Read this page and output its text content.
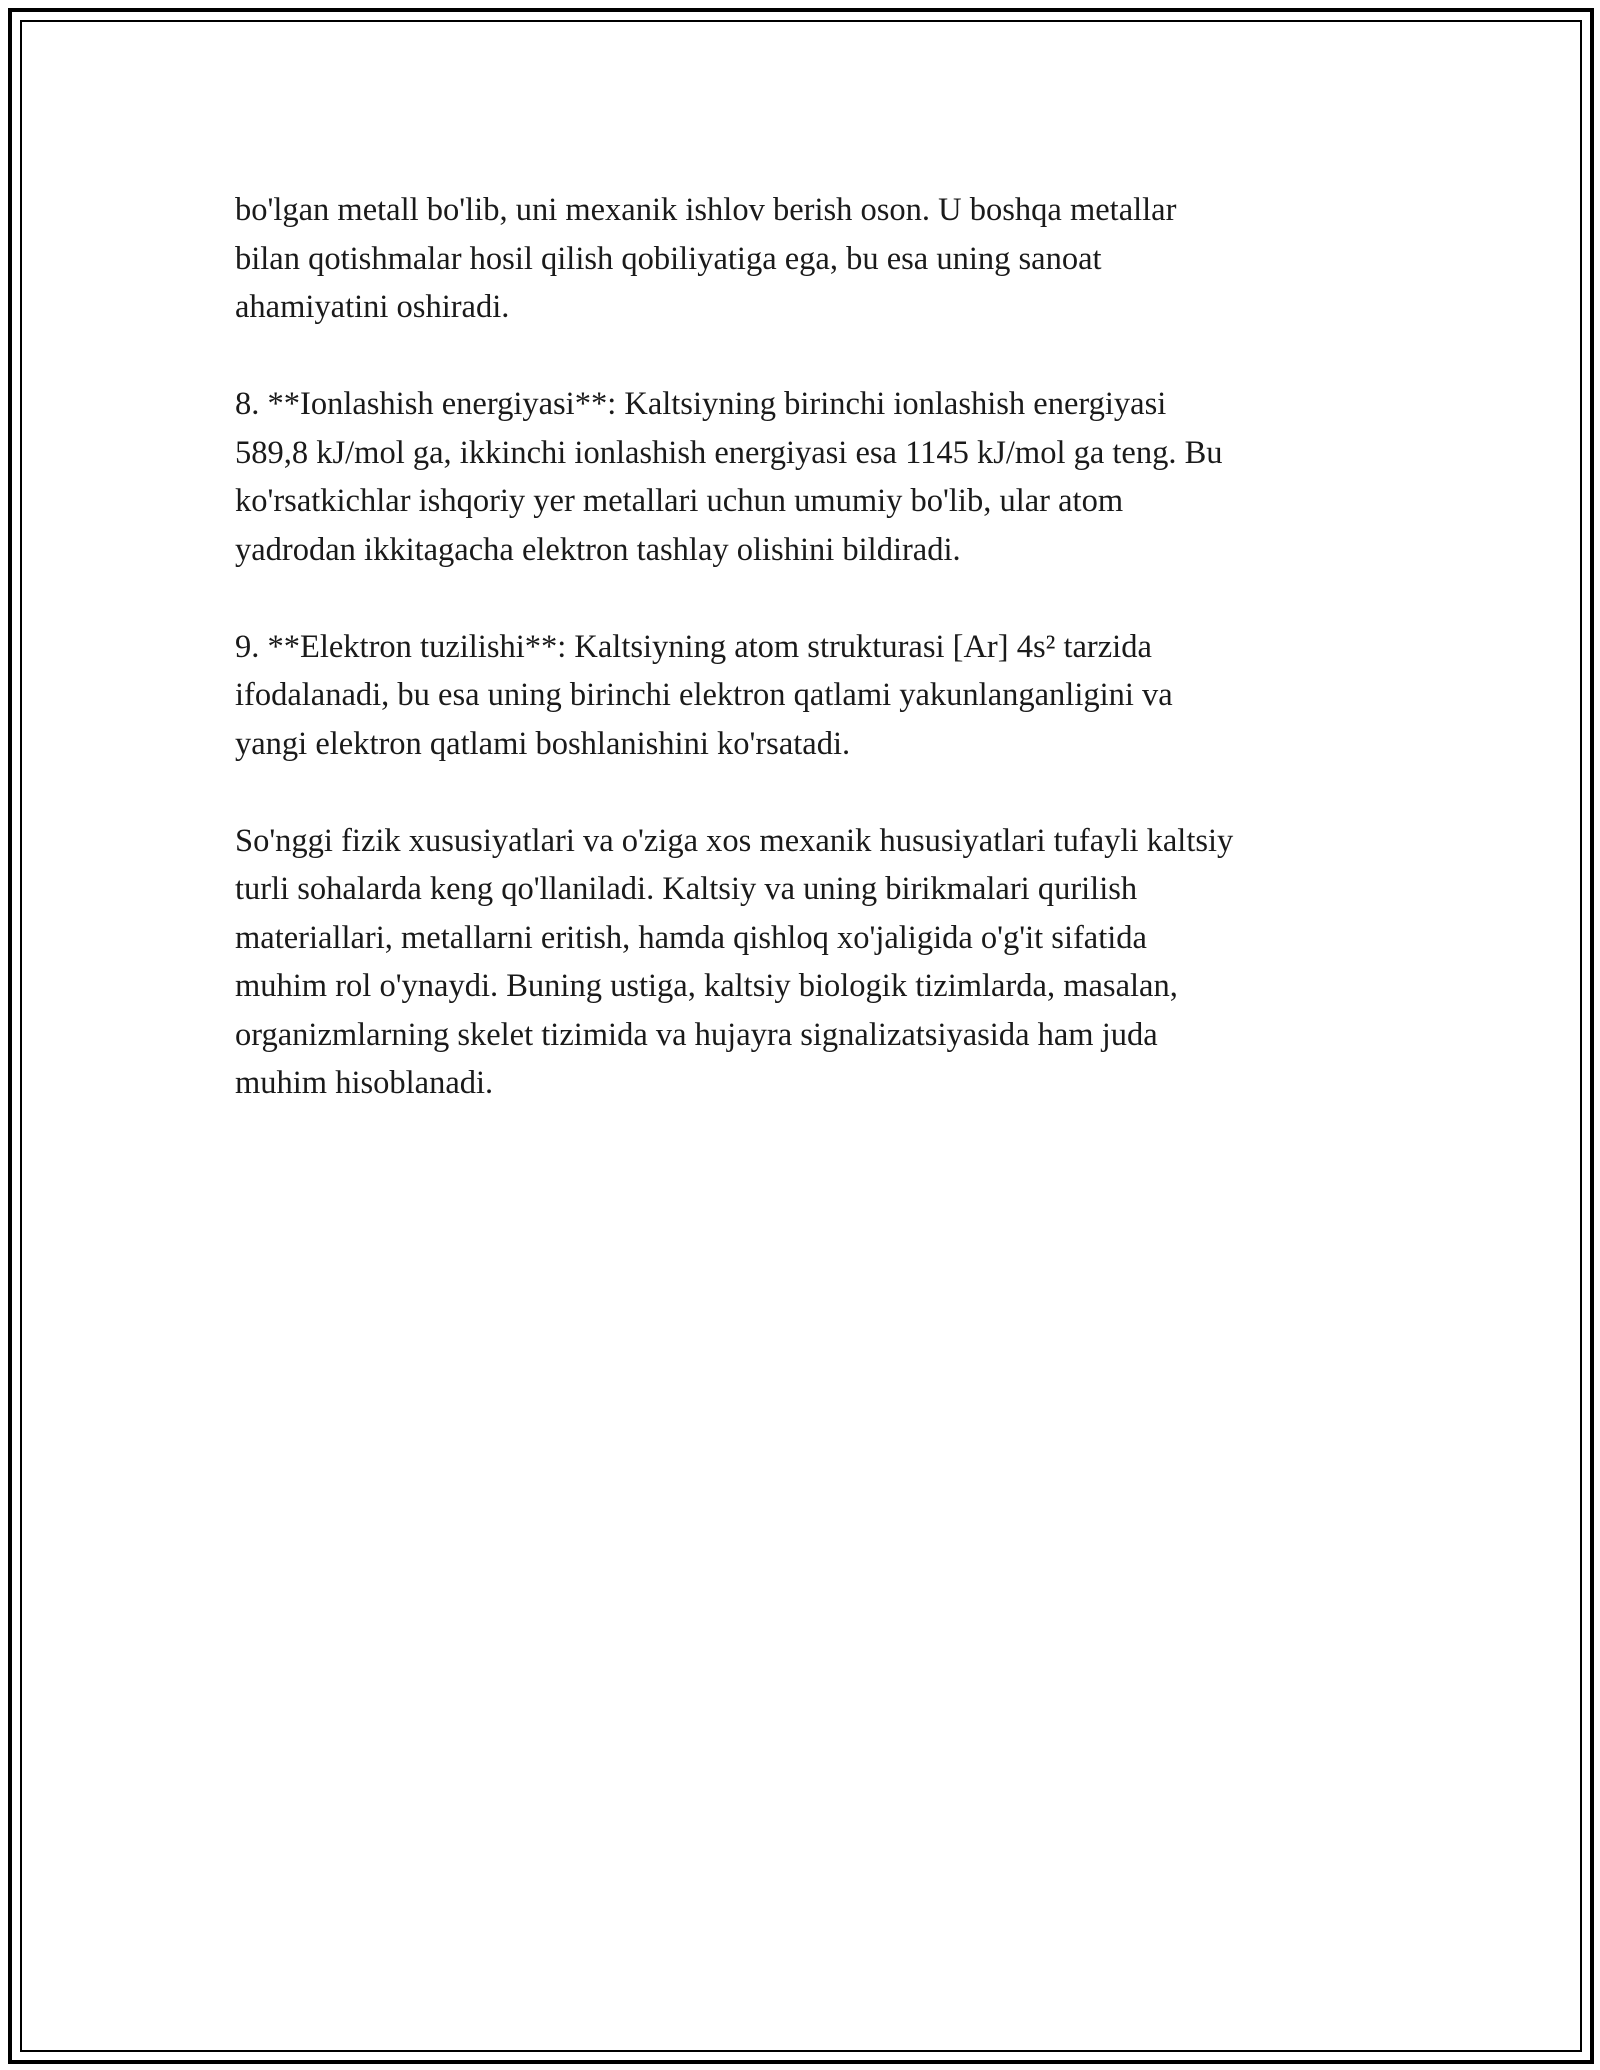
bo'lgan metall bo'lib, uni mexanik ishlov berish oson. U boshqa metallar
bilan qotishmalar hosil qilish qobiliyatiga ega, bu esa uning sanoat
ahamiyatini oshiradi.

8. **Ionlashish energiyasi**: Kaltsiyning birinchi ionlashish energiyasi
589,8 kJ/mol ga, ikkinchi ionlashish energiyasi esa 1145 kJ/mol ga teng. Bu
ko'rsatkichlar ishqoriy yer metallari uchun umumiy bo'lib, ular atom
yadrodan ikkitagacha elektron tashlay olishini bildiradi.

9. **Elektron tuzilishi**: Kaltsiyning atom strukturasi [Ar] 4s² tarzida
ifodalanadi, bu esa uning birinchi elektron qatlami yakunlanganligini va
yangi elektron qatlami boshlanishini ko'rsatadi.

So'nggi fizik xususiyatlari va o'ziga xos mexanik hususiyatlari tufayli kaltsiy
turli sohalarda keng qo'llaniladi. Kaltsiy va uning birikmalari qurilish
materiallari, metallarni eritish, hamda qishloq xo'jaligida o'g'it sifatida
muhim rol o'ynaydi. Buning ustiga, kaltsiy biologik tizimlarda, masalan,
organizmlarning skelet tizimida va hujayra signalizatsiyasida ham juda
muhim hisoblanadi.
